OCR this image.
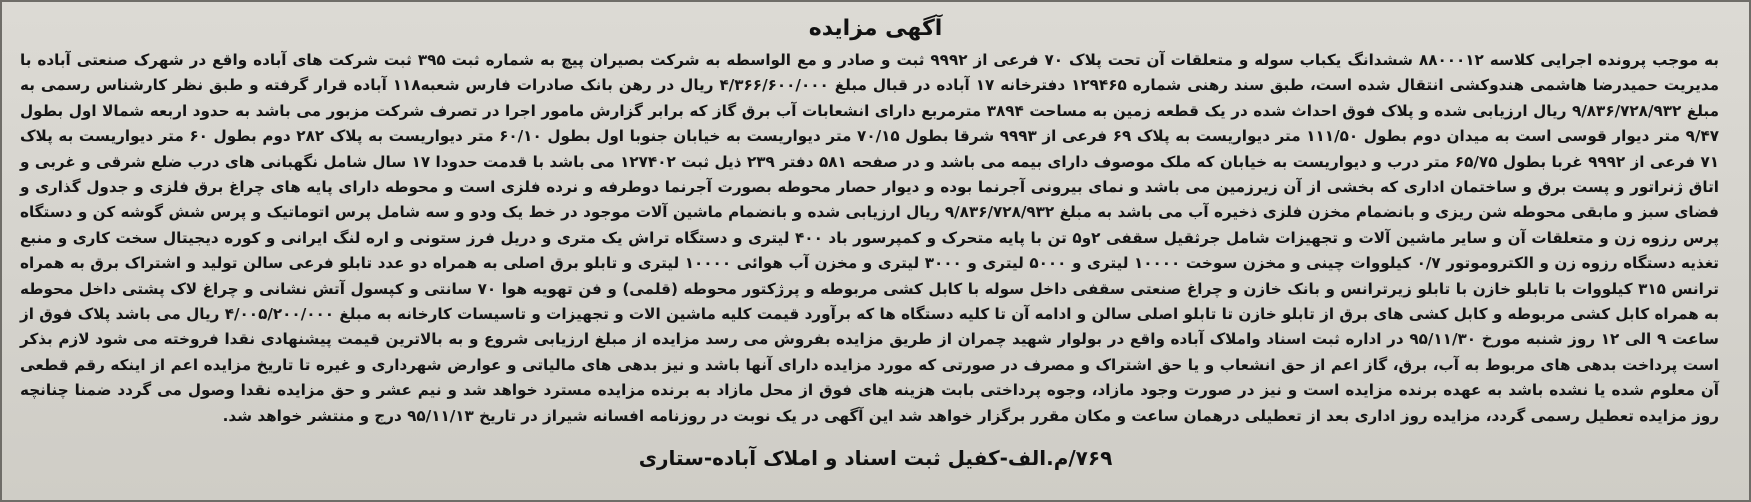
آگهی مزایده

به موجب پرونده اجرایی کلاسه ۸۸۰۰۰۱۲ ششدانگ یکباب سوله و متعلقات آن تحت پلاک ۷۰ فرعی از ۹۹۹۲ ثبت و صادر و مع الواسطه به شرکت بصیران پیچ به شماره ثبت ۳۹۵ ثبت شرکت های آباده واقع در شهرک صنعتی آباده با مدیریت حمیدرضا هاشمی هندوکشی انتقال شده است، طبق سند رهنی شماره ۱۲۹۴۶۵ دفترخانه ۱۷ آباده در قبال مبلغ ۴/۳۶۶/۶۰۰/۰۰۰ ریال در رهن بانک صادرات فارس شعبه۱۱۸ آباده قرار گرفته و طبق نظر کارشناس رسمی به مبلغ ۹/۸۳۶/۷۲۸/۹۳۲ ریال ارزیابی شده و پلاک فوق احداث شده در یک قطعه زمین به مساحت ۳۸۹۴ مترمربع دارای انشعابات آب برق گاز که برابر گزارش مامور اجرا در تصرف شرکت مزبور می باشد به حدود اربعه شمالا اول بطول ۹/۴۷ متر دیوار قوسی است به میدان دوم بطول ۱۱۱/۵۰ متر دیواریست به پلاک ۶۹ فرعی از ۹۹۹۳ شرقا بطول ۷۰/۱۵ متر دیواریست به خیابان جنوبا اول بطول ۶۰/۱۰ متر دیواریست به پلاک ۲۸۲ دوم بطول ۶۰ متر دیواریست به پلاک ۷۱ فرعی از ۹۹۹۲ غربا بطول ۶۵/۷۵ متر درب و دیواریست به خیابان که ملک موصوف دارای بیمه می باشد و در صفحه ۵۸۱ دفتر ۲۳۹ ذیل ثبت ۱۲۷۴۰۲ می باشد با قدمت حدودا ۱۷ سال شامل نگهبانی های درب ضلع شرقی و غربی و اتاق ژنراتور و پست برق و ساختمان اداری که بخشی از آن زیرزمین می باشد و نمای بیرونی آجرنما بوده و دیوار حصار محوطه بصورت آجرنما دوطرفه و نرده فلزی است و محوطه دارای پایه های چراغ برق فلزی و جدول گذاری و فضای سبز و مابقی محوطه شن ریزی و بانضمام مخزن فلزی ذخیره آب می باشد به مبلغ ۹/۸۳۶/۷۲۸/۹۳۲ ریال ارزیابی شده و بانضمام ماشین آلات موجود در خط یک ودو و سه شامل پرس اتوماتیک و پرس شش گوشه کن و دستگاه پرس رزوه زن و متعلقات آن و سایر ماشین آلات و تجهیزات شامل جرثقیل سقفی ۲و۵ تن با پایه متحرک و کمپرسور باد ۴۰۰ لیتری و دستگاه تراش یک متری و دریل فرز ستونی و اره لنگ ایرانی و کوره دیجیتال سخت کاری و منبع تغذیه دستگاه رزوه زن و الکتروموتور ۰/۷ کیلووات چینی و مخزن سوخت ۱۰۰۰۰ لیتری و ۵۰۰۰ لیتری و ۳۰۰۰ لیتری و مخزن آب هوائی ۱۰۰۰۰ لیتری و تابلو برق اصلی به همراه دو عدد تابلو فرعی سالن تولید و اشتراک برق به همراه ترانس ۳۱۵ کیلووات با تابلو خازن با تابلو زیرترانس و بانک خازن و چراغ صنعتی سقفی داخل سوله با کابل کشی مربوطه و پرژکتور محوطه (قلمی) و فن تهویه هوا ۷۰ سانتی و کپسول آتش نشانی و چراغ لاک پشتی داخل محوطه به همراه کابل کشی مربوطه و کابل کشی های برق از تابلو خازن تا تابلو اصلی سالن و ادامه آن تا کلیه دستگاه ها که برآورد قیمت کلیه ماشین الات و تجهیزات و تاسیسات کارخانه به مبلغ ۴/۰۰۵/۲۰۰/۰۰۰ ریال می باشد پلاک فوق از ساعت ۹ الی ۱۲ روز شنبه مورخ ۹۵/۱۱/۳۰ در اداره ثبت اسناد واملاک آباده واقع در بولوار شهید چمران از طریق مزایده بفروش می رسد مزایده از مبلغ ارزیابی شروع و به بالاترین قیمت پیشنهادی نقدا فروخته می شود لازم بذکر است پرداخت بدهی های مربوط به آب، برق، گاز اعم از حق انشعاب و یا حق اشتراک و مصرف در صورتی که مورد مزایده دارای آنها باشد و نیز بدهی های مالیاتی و عوارض شهرداری و غیره تا تاریخ مزایده اعم از اینکه رقم قطعی آن معلوم شده یا نشده باشد به عهده برنده مزایده است و نیز در صورت وجود مازاد، وجوه پرداختی بابت هزینه های فوق از محل مازاد به برنده مزایده مسترد خواهد شد و نیم عشر و حق مزایده نقدا وصول می گردد ضمنا چنانچه روز مزایده تعطیل رسمی گردد، مزایده روز اداری بعد از تعطیلی درهمان ساعت و مکان مقرر برگزار خواهد شد این آگهی در یک نوبت در روزنامه افسانه شیراز در تاریخ ۹۵/۱۱/۱۳ درج و منتشر خواهد شد.

۷۶۹/م.الف-کفیل ثبت اسناد و املاک آباده-ستاری
